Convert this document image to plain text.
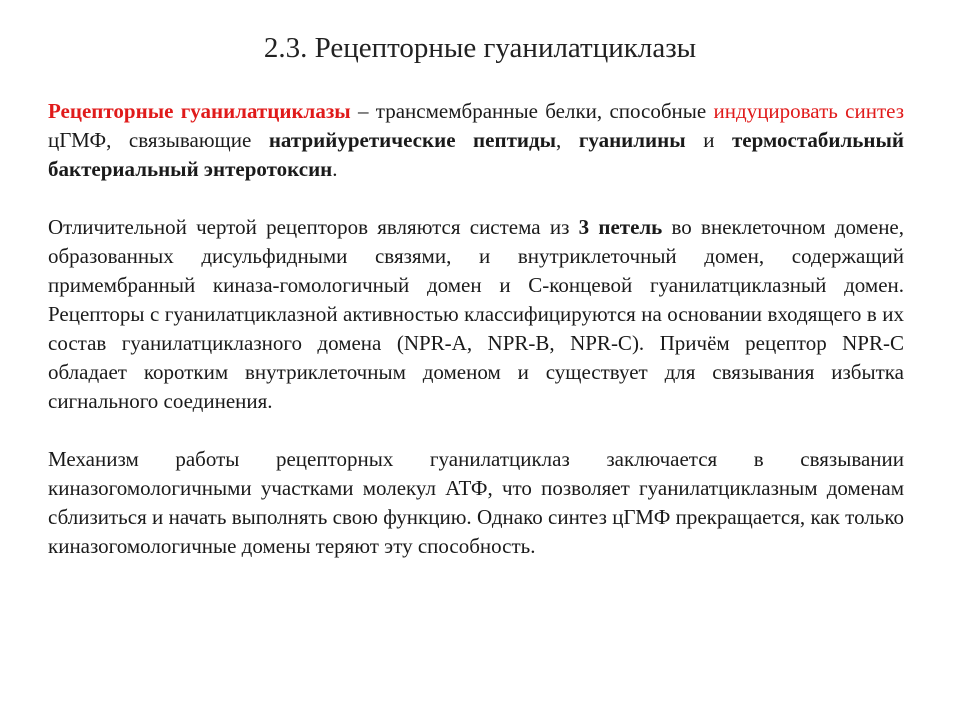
2.3. Рецепторные гуанилатциклазы

Рецепторные гуанилатциклазы – трансмембранные белки, способные индуцировать синтез цГМФ, связывающие натрийуретические пептиды, гуанилины и термостабильный бактериальный энтеротоксин.

Отличительной чертой рецепторов являются система из 3 петель во внеклеточном домене, образованных дисульфидными связями, и внутриклеточный домен, содержащий примембранный киназа-гомологичный домен и С-концевой гуанилатциклазный домен. Рецепторы с гуанилатциклазной активностью классифицируются на основании входящего в их состав гуанилатциклазного домена (NPR-A, NPR-B, NPR-C). Причём рецептор NPR-C обладает коротким внутриклеточным доменом и существует для связывания избытка сигнального соединения.

Механизм работы рецепторных гуанилатциклаз заключается в связывании киназогомологичными участками молекул АТФ, что позволяет гуанилатциклазным доменам сблизиться и начать выполнять свою функцию. Однако синтез цГМФ прекращается, как только киназогомологичные домены теряют эту способность.
